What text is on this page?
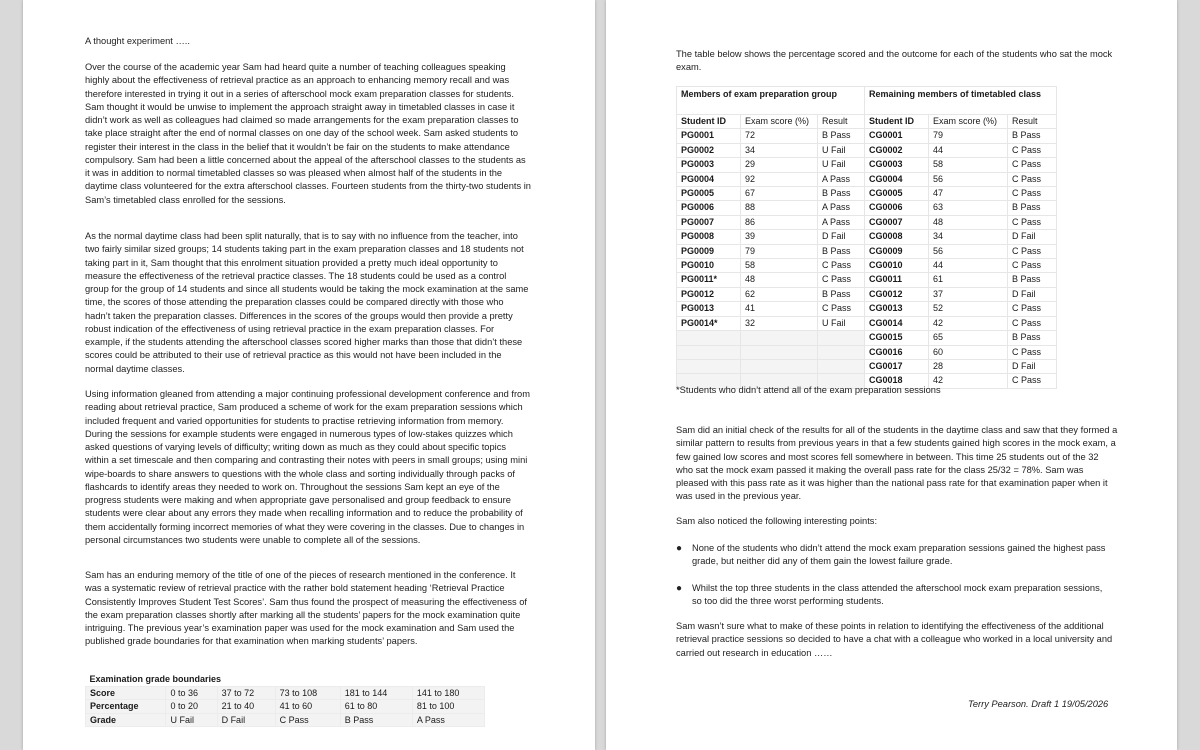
A thought experiment …..
Over the course of the academic year Sam had heard quite a number of teaching colleagues speaking highly about the effectiveness of retrieval practice as an approach to enhancing memory recall and was therefore interested in trying it out in a series of afterschool mock exam preparation classes for students. Sam thought it would be unwise to implement the approach straight away in timetabled classes in case it didn’t work as well as colleagues had claimed so made arrangements for the exam preparation classes to take place straight after the end of normal classes on one day of the school week. Sam asked students to register their interest in the class in the belief that it wouldn’t be fair on the students to make attendance compulsory. Sam had been a little concerned about the appeal of the afterschool classes to the students as it was in addition to normal timetabled classes so was pleased when almost half of the students in the daytime class volunteered for the extra afterschool classes. Fourteen students from the thirty-two students in Sam’s timetabled class enrolled for the sessions.
As the normal daytime class had been split naturally, that is to say with no influence from the teacher, into two fairly similar sized groups; 14 students taking part in the exam preparation classes and 18 students not taking part in it, Sam thought that this enrolment situation provided a pretty much ideal opportunity to measure the effectiveness of the retrieval practice classes. The 18 students could be used as a control group for the group of 14 students and since all students would be taking the mock examination at the same time, the scores of those attending the preparation classes could be compared directly with those who hadn’t taken the preparation classes. Differences in the scores of the groups would then provide a pretty robust indication of the effectiveness of using retrieval practice in the exam preparation classes. For example, if the students attending the afterschool classes scored higher marks than those that didn’t these scores could be attributed to their use of retrieval practice as this would not have been included in the normal daytime classes.
Using information gleaned from attending a major continuing professional development conference and from reading about retrieval practice, Sam produced a scheme of work for the exam preparation sessions which included frequent and varied opportunities for students to practise retrieving information from memory. During the sessions for example students were engaged in numerous types of low-stakes quizzes which asked questions of varying levels of difficulty; writing down as much as they could about specific topics within a set timescale and then comparing and contrasting their notes with peers in small groups; using mini wipe-boards to share answers to questions with the whole class and sorting individually through packs of flashcards to identify areas they needed to work on. Throughout the sessions Sam kept an eye of the progress students were making and when appropriate gave personalised and group feedback to ensure students were clear about any errors they made when recalling information and to reduce the probability of them accidentally forming incorrect memories of what they were covering in the classes. Due to changes in personal circumstances two students were unable to complete all of the sessions.
Sam has an enduring memory of the title of one of the pieces of research mentioned in the conference. It was a systematic review of retrieval practice with the rather bold statement heading ‘Retrieval Practice Consistently Improves Student Test Scores’. Sam thus found the prospect of measuring the effectiveness of the exam preparation classes shortly after marking all the students’ papers for the mock examination quite intriguing. The previous year’s examination paper was used for the mock examination and Sam used the published grade boundaries for that examination when marking students’ papers.
Examination grade boundaries					
Score	0 to 36	37 to 72	73 to 108	181 to 144	141 to 180
Percentage	0 to 20	21 to 40	41 to 60	61 to 80	81 to 100
Grade	U Fail	D Fail	C Pass	B Pass	A Pass
The table below shows the percentage scored and the outcome for each of the students who sat the mock exam.
Members of exam preparation group			Remaining members of timetabled class		
Student ID	Exam score (%)	Result	Student ID	Exam score (%)	Result
PG0001	72	B Pass	CG0001	79	B Pass
PG0002	34	U Fail	CG0002	44	C Pass
PG0003	29	U Fail	CG0003	58	C Pass
PG0004	92	A Pass	CG0004	56	C Pass
PG0005	67	B Pass	CG0005	47	C Pass
PG0006	88	A Pass	CG0006	63	B Pass
PG0007	86	A Pass	CG0007	48	C Pass
PG0008	39	D Fail	CG0008	34	D Fail
PG0009	79	B Pass	CG0009	56	C Pass
PG0010	58	C Pass	CG0010	44	C Pass
PG0011*	48	C Pass	CG0011	61	B Pass
PG0012	62	B Pass	CG0012	37	D Fail
PG0013	41	C Pass	CG0013	52	C Pass
PG0014*	32	U Fail	CG0014	42	C Pass
			CG0015	65	B Pass
			CG0016	60	C Pass
			CG0017	28	D Fail
			CG0018	42	C Pass
*Students who didn’t attend all of the exam preparation sessions
Sam did an initial check of the results for all of the students in the daytime class and saw that they formed a similar pattern to results from previous years in that a few students gained high scores in the mock exam, a few gained low scores and most scores fell somewhere in between. This time 25 students out of the 32 who sat the mock exam passed it making the overall pass rate for the class 25/32 = 78%. Sam was pleased with this pass rate as it was higher than the national pass rate for that examination paper when it was used in the previous year.
Sam also noticed the following interesting points:
● None of the students who didn’t attend the mock exam preparation sessions gained the highest pass grade, but neither did any of them gain the lowest failure grade.
● Whilst the top three students in the class attended the afterschool mock exam preparation sessions, so too did the three worst performing students.
Sam wasn’t sure what to make of these points in relation to identifying the effectiveness of the additional retrieval practice sessions so decided to have a chat with a colleague who worked in a local university and carried out research in education ……
Terry Pearson. Draft 1 19/05/2026
